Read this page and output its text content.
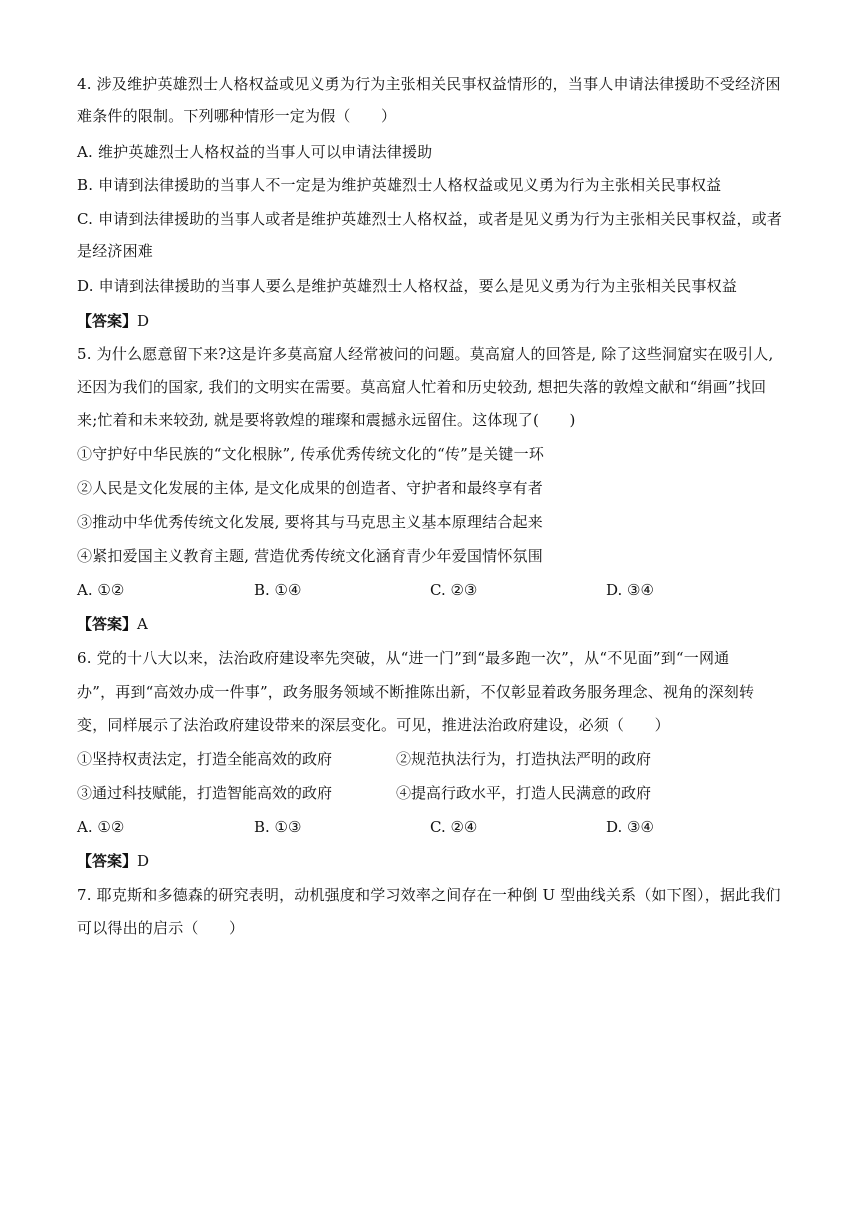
4. 涉及维护英雄烈士人格权益或见义勇为行为主张相关民事权益情形的，当事人申请法律援助不受经济困
难条件的限制。下列哪种情形一定为假（　　）
A. 维护英雄烈士人格权益的当事人可以申请法律援助
B. 申请到法律援助的当事人不一定是为维护英雄烈士人格权益或见义勇为行为主张相关民事权益
C. 申请到法律援助的当事人或者是维护英雄烈士人格权益，或者是见义勇为行为主张相关民事权益，或者
是经济困难
D. 申请到法律援助的当事人要么是维护英雄烈士人格权益，要么是见义勇为行为主张相关民事权益
【答案】D
5. 为什么愿意留下来?这是许多莫高窟人经常被问的问题。莫高窟人的回答是, 除了这些洞窟实在吸引人,
还因为我们的国家, 我们的文明实在需要。莫高窟人忙着和历史较劲, 想把失落的敦煌文献和“绢画”找回
来;忙着和未来较劲, 就是要将敦煌的璀璨和震撼永远留住。这体现了(　　)
①守护好中华民族的“文化根脉”, 传承优秀传统文化的“传”是关键一环
②人民是文化发展的主体, 是文化成果的创造者、守护者和最终享有者
③推动中华优秀传统文化发展, 要将其与马克思主义基本原理结合起来
④紧扣爱国主义教育主题, 营造优秀传统文化涵育青少年爱国情怀氛围
A. ①②	B. ①④	C. ②③	D. ③④
【答案】A
6. 党的十八大以来，法治政府建设率先突破，从“进一门”到“最多跑一次”，从“不见面”到“一网通
办”，再到“高效办成一件事”，政务服务领域不断推陈出新，不仅彰显着政务服务理念、视角的深刻转
变，同样展示了法治政府建设带来的深层变化。可见，推进法治政府建设，必须（　　）
①坚持权责法定，打造全能高效的政府	②规范执法行为，打造执法严明的政府
③通过科技赋能，打造智能高效的政府	④提高行政水平，打造人民满意的政府
A. ①②	B. ①③	C. ②④	D. ③④
【答案】D
7. 耶克斯和多德森的研究表明，动机强度和学习效率之间存在一种倒 U 型曲线关系（如下图），据此我们
可以得出的启示（　　）
